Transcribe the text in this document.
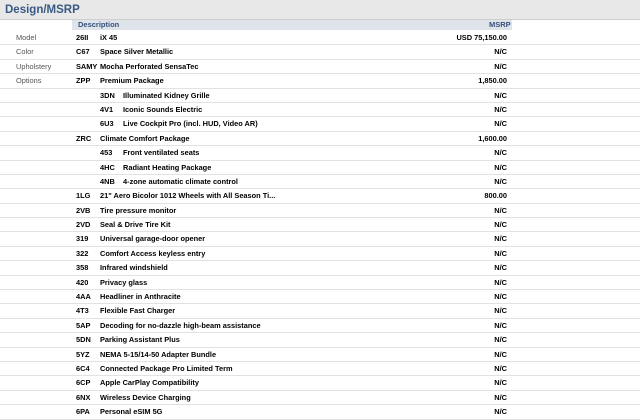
Design/MSRP
Description	MSRP
Model	26II iX 45	USD 75,150.00
Color	C67 Space Silver Metallic	N/C
Upholstery	SAMY Mocha Perforated SensaTec	N/C
Options	ZPP Premium Package	1,850.00
3DN Illuminated Kidney Grille	N/C
4V1 Iconic Sounds Electric	N/C
6U3 Live Cockpit Pro (incl. HUD, Video AR)	N/C
ZRC Climate Comfort Package	1,600.00
453 Front ventilated seats	N/C
4HC Radiant Heating Package	N/C
4NB 4-zone automatic climate control	N/C
1LG 21" Aero Bicolor 1012 Wheels with All Season Ti...	800.00
2VB Tire pressure monitor	N/C
2VD Seal & Drive Tire Kit	N/C
319 Universal garage-door opener	N/C
322 Comfort Access keyless entry	N/C
358 Infrared windshield	N/C
420 Privacy glass	N/C
4AA Headliner in Anthracite	N/C
4T3 Flexible Fast Charger	N/C
5AP Decoding for no-dazzle high-beam assistance	N/C
5DN Parking Assistant Plus	N/C
5YZ NEMA 5-15/14-50 Adapter Bundle	N/C
6C4 Connected Package Pro Limited Term	N/C
6CP Apple CarPlay Compatibility	N/C
6NX Wireless Device Charging	N/C
6PA Personal eSIM 5G	N/C
